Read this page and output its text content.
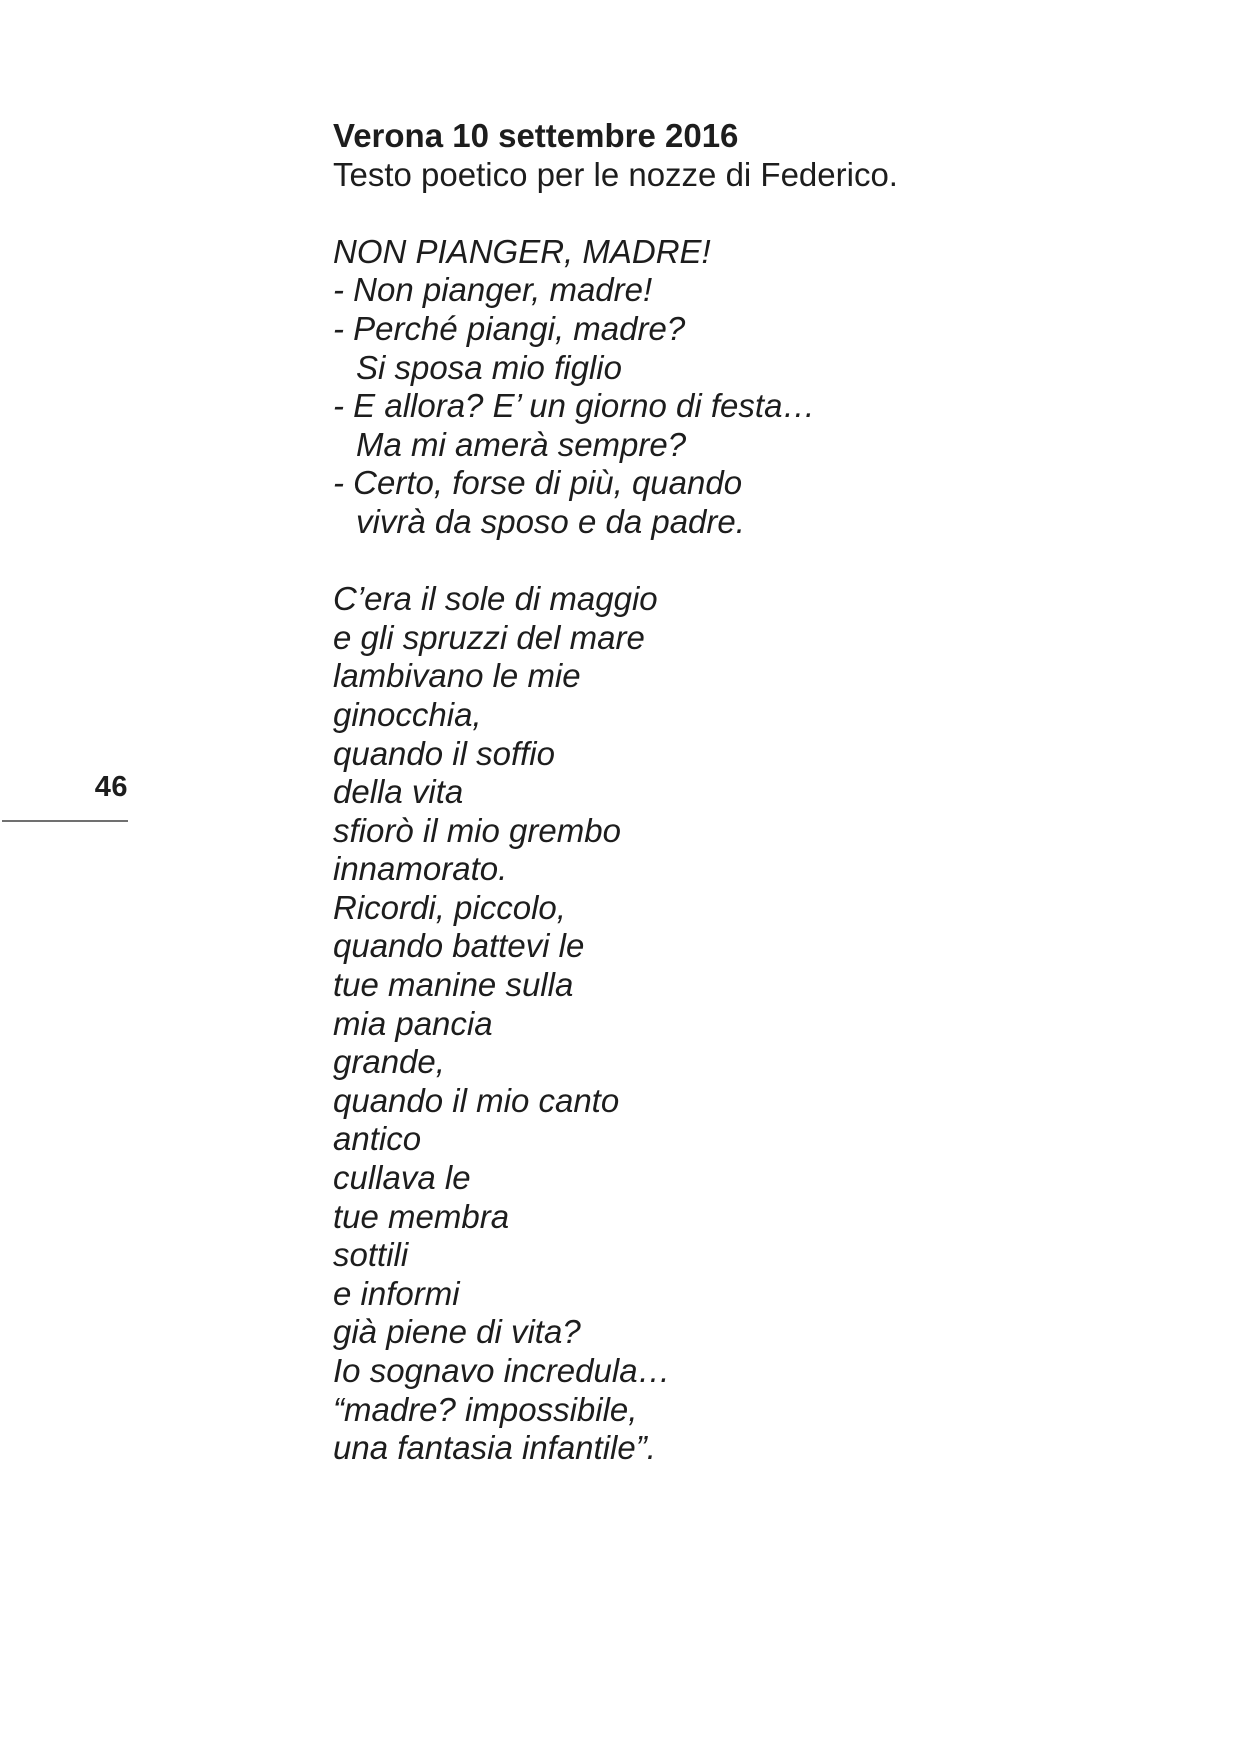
46
Verona 10 settembre 2016
Testo poetico per le nozze di Federico.
NON PIANGER, MADRE!
- Non pianger, madre!
- Perché piangi, madre?
Si sposa mio figlio
- E allora? E’ un giorno di festa…
Ma mi amerà sempre?
- Certo, forse di più, quando
vivrà da sposo e da padre.
C’era il sole di maggio
e gli spruzzi del mare
lambivano le mie
ginocchia,
quando il soffio
della vita
sfiorò il mio grembo
innamorato.
Ricordi, piccolo,
quando battevi le
tue manine sulla
mia pancia
grande,
quando il mio canto
antico
cullava le
tue membra
sottili
e informi
già piene di vita?
Io sognavo incredula…
“madre? impossibile,
una fantasia infantile”.
